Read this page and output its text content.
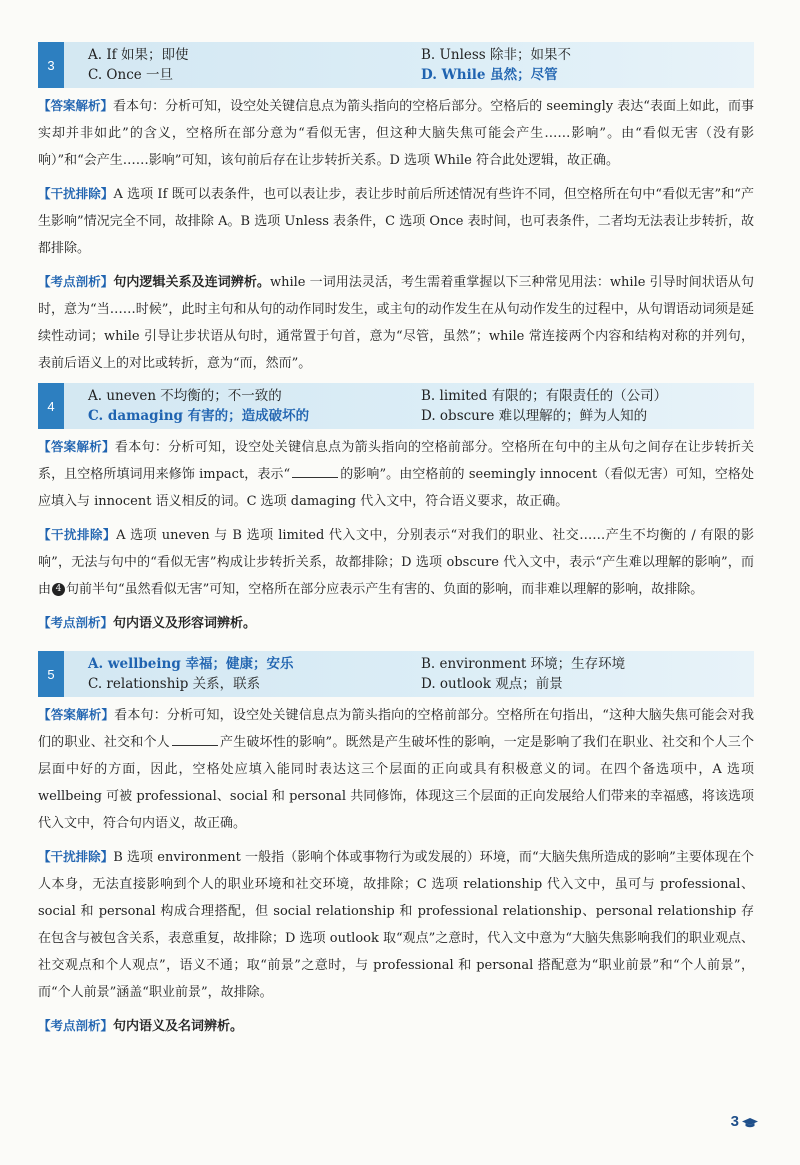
3
A. If 如果；即使	B. Unless 除非；如果不
C. Once 一旦	D. While 虽然；尽管

【答案解析】看本句：分析可知，设空处关键信息点为箭头指向的空格后部分。空格后的 seemingly 表达“表面上如此，而事实却并非如此”的含义，空格所在部分意为“看似无害，但这种大脑失焦可能会产生……影响”。由“看似无害（没有影响）”和“会产生……影响”可知，该句前后存在让步转折关系。D 选项 While 符合此处逻辑，故正确。

【干扰排除】A 选项 If 既可以表条件，也可以表让步，表让步时前后所述情况有些许不同，但空格所在句中“看似无害”和“产生影响”情况完全不同，故排除 A。B 选项 Unless 表条件，C 选项 Once 表时间，也可表条件，二者均无法表让步转折，故都排除。

【考点剖析】句内逻辑关系及连词辨析。while 一词用法灵活，考生需着重掌握以下三种常见用法：while 引导时间状语从句时，意为“当……时候”，此时主句和从句的动作同时发生，或主句的动作发生在从句动作发生的过程中，从句谓语动词须是延续性动词；while 引导让步状语从句时，通常置于句首，意为“尽管，虽然”；while 常连接两个内容和结构对称的并列句，表前后语义上的对比或转折，意为“而，然而”。

4
A. uneven 不均衡的；不一致的	B. limited 有限的；有限责任的（公司）
C. damaging 有害的；造成破坏的	D. obscure 难以理解的；鲜为人知的

【答案解析】看本句：分析可知，设空处关键信息点为箭头指向的空格前部分。空格所在句中的主从句之间存在让步转折关系，且空格所填词用来修饰 impact，表示“	的影响”。由空格前的 seemingly innocent（看似无害）可知，空格处应填入与 innocent 语义相反的词。C 选项 damaging 代入文中，符合语义要求，故正确。

【干扰排除】A 选项 uneven 与 B 选项 limited 代入文中，分别表示“对我们的职业、社交……产生不均衡的 / 有限的影响”，无法与句中的“看似无害”构成让步转折关系，故都排除；D 选项 obscure 代入文中，表示“产生难以理解的影响”，而由 4 句前半句“虽然看似无害”可知，空格所在部分应表示产生有害的、负面的影响，而非难以理解的影响，故排除。

【考点剖析】句内语义及形容词辨析。

5
A. wellbeing 幸福；健康；安乐	B. environment 环境；生存环境
C. relationship 关系，联系	D. outlook 观点；前景

【答案解析】看本句：分析可知，设空处关键信息点为箭头指向的空格前部分。空格所在句指出，“这种大脑失焦可能会对我们的职业、社交和个人	产生破坏性的影响”。既然是产生破坏性的影响，一定是影响了我们在职业、社交和个人三个层面中好的方面，因此，空格处应填入能同时表达这三个层面的正向或具有积极意义的词。在四个备选项中，A 选项 wellbeing 可被 professional、social 和 personal 共同修饰，体现这三个层面的正向发展给人们带来的幸福感，将该选项代入文中，符合句内语义，故正确。

【干扰排除】B 选项 environment 一般指（影响个体或事物行为或发展的）环境，而“大脑失焦所造成的影响”主要体现在个人本身，无法直接影响到个人的职业环境和社交环境，故排除；C 选项 relationship 代入文中，虽可与 professional、social 和 personal 构成合理搭配，但 social relationship 和 professional relationship、personal relationship 存在包含与被包含关系，表意重复，故排除；D 选项 outlook 取“观点”之意时，代入文中意为“大脑失焦影响我们的职业观点、社交观点和个人观点”，语义不通；取“前景”之意时，与 professional 和 personal 搭配意为“职业前景”和“个人前景”，而“个人前景”涵盖“职业前景”，故排除。

【考点剖析】句内语义及名词辨析。

3
